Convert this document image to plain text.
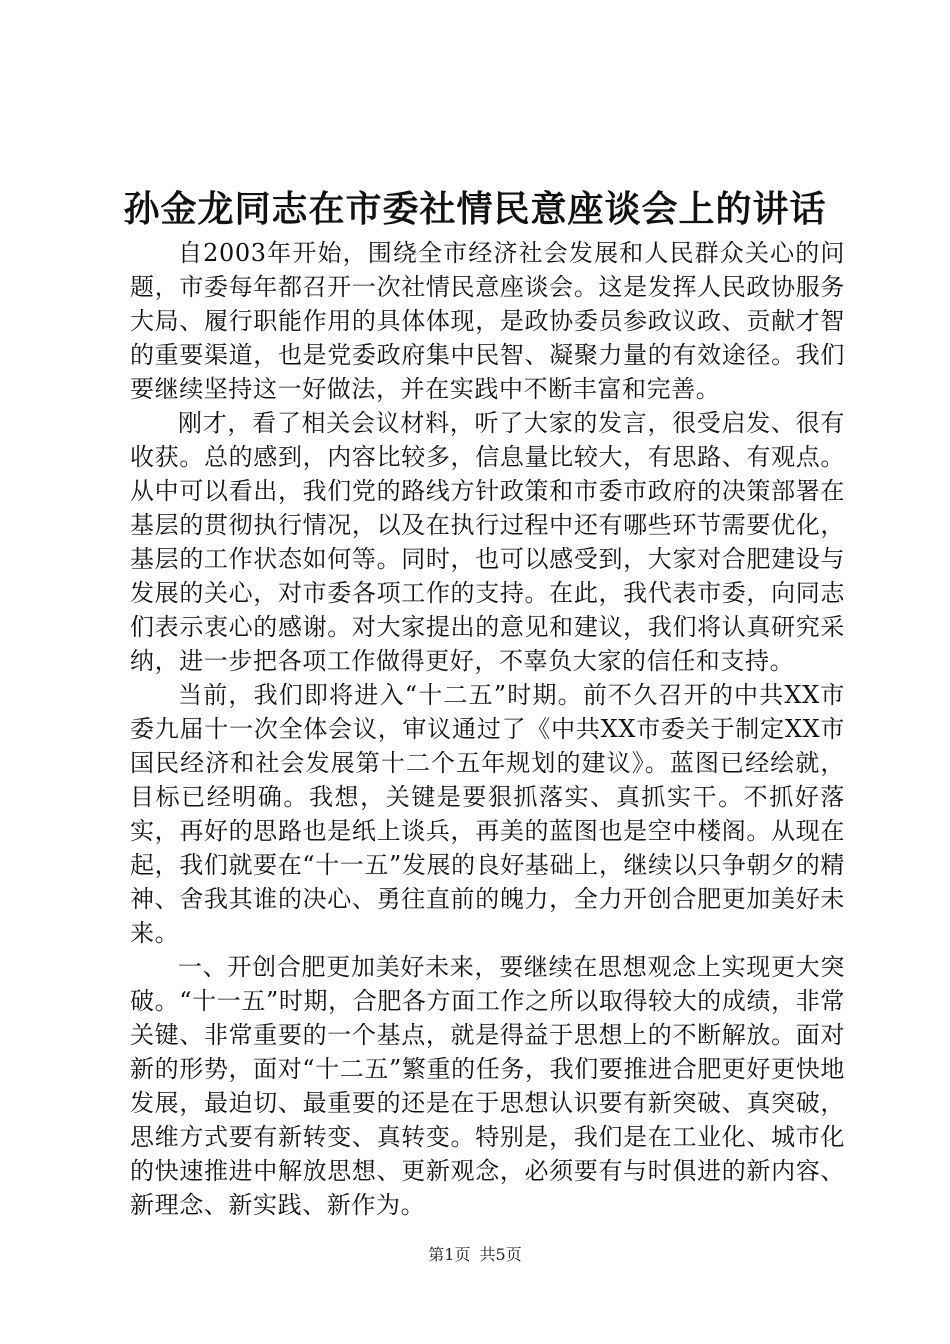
孙金龙同志在市委社情民意座谈会上的讲话

自2003年开始，围绕全市经济社会发展和人民群众关心的问题，市委每年都召开一次社情民意座谈会。这是发挥人民政协服务大局、履行职能作用的具体体现，是政协委员参政议政、贡献才智的重要渠道，也是党委政府集中民智、凝聚力量的有效途径。我们要继续坚持这一好做法，并在实践中不断丰富和完善。

刚才，看了相关会议材料，听了大家的发言，很受启发、很有收获。总的感到，内容比较多，信息量比较大，有思路、有观点。从中可以看出，我们党的路线方针政策和市委市政府的决策部署在基层的贯彻执行情况，以及在执行过程中还有哪些环节需要优化，基层的工作状态如何等。同时，也可以感受到，大家对合肥建设与发展的关心，对市委各项工作的支持。在此，我代表市委，向同志们表示衷心的感谢。对大家提出的意见和建议，我们将认真研究采纳，进一步把各项工作做得更好，不辜负大家的信任和支持。

当前，我们即将进入“十二五”时期。前不久召开的中共XX市委九届十一次全体会议，审议通过了《中共XX市委关于制定XX市国民经济和社会发展第十二个五年规划的建议》。蓝图已经绘就，目标已经明确。我想，关键是要狠抓落实、真抓实干。不抓好落实，再好的思路也是纸上谈兵，再美的蓝图也是空中楼阁。从现在起，我们就要在“十一五”发展的良好基础上，继续以只争朝夕的精神、舍我其谁的决心、勇往直前的魄力，全力开创合肥更加美好未来。

一、开创合肥更加美好未来，要继续在思想观念上实现更大突破。“十一五”时期，合肥各方面工作之所以取得较大的成绩，非常关键、非常重要的一个基点，就是得益于思想上的不断解放。面对新的形势，面对“十二五”繁重的任务，我们要推进合肥更好更快地发展，最迫切、最重要的还是在于思想认识要有新突破、真突破，思维方式要有新转变、真转变。特别是，我们是在工业化、城市化的快速推进中解放思想、更新观念，必须要有与时俱进的新内容、新理念、新实践、新作为。

第1页 共5页
